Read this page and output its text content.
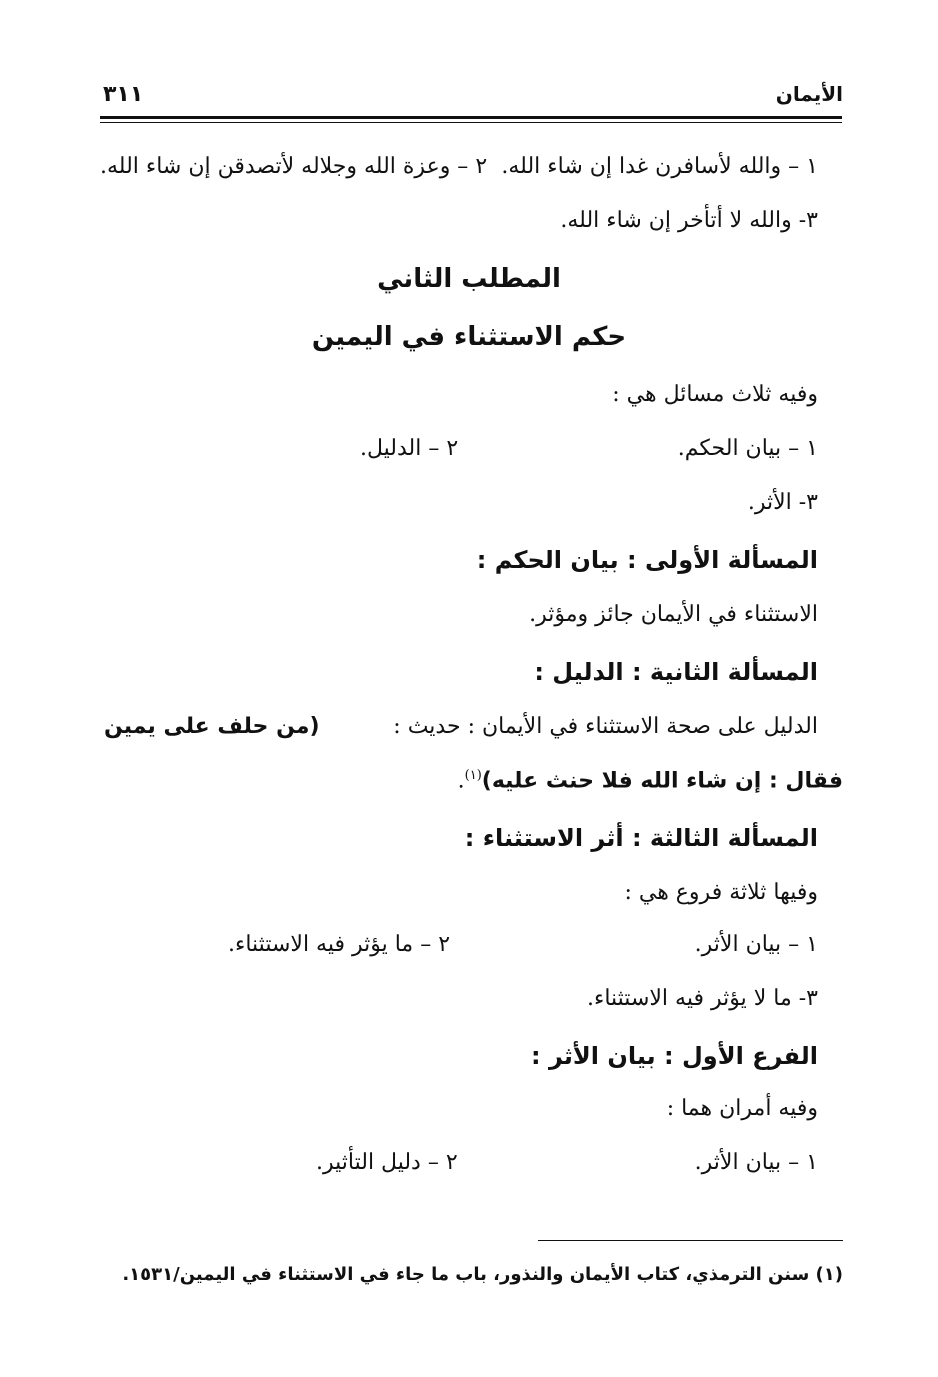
الأيمان
٣١١
١ – والله لأسافرن غدا إن شاء الله.
٢ – وعزة الله وجلاله لأتصدقن إن شاء الله.
٣- والله لا أتأخر إن شاء الله.
المطلب الثاني
حكم الاستثناء في اليمين
وفيه ثلاث مسائل هي :
١ – بيان الحكم.
٢ – الدليل.
٣- الأثر.
المسألة الأولى : بيان الحكم :
الاستثناء في الأيمان جائز ومؤثر.
المسألة الثانية : الدليل :
الدليل على صحة الاستثناء في الأيمان : حديث :
(من حلف على يمين
فقال : إن شاء الله فلا حنث عليه)$^{(١)}$.
المسألة الثالثة : أثر الاستثناء :
وفيها ثلاثة فروع هي :
١ – بيان الأثر.
٢ – ما يؤثر فيه الاستثناء.
٣- ما لا يؤثر فيه الاستثناء.
الفرع الأول : بيان الأثر :
وفيه أمران هما :
١ – بيان الأثر.
٢ – دليل التأثير.
(١) سنن الترمذي، كتاب الأيمان والنذور، باب ما جاء في الاستثناء في اليمين/١٥٣١.
